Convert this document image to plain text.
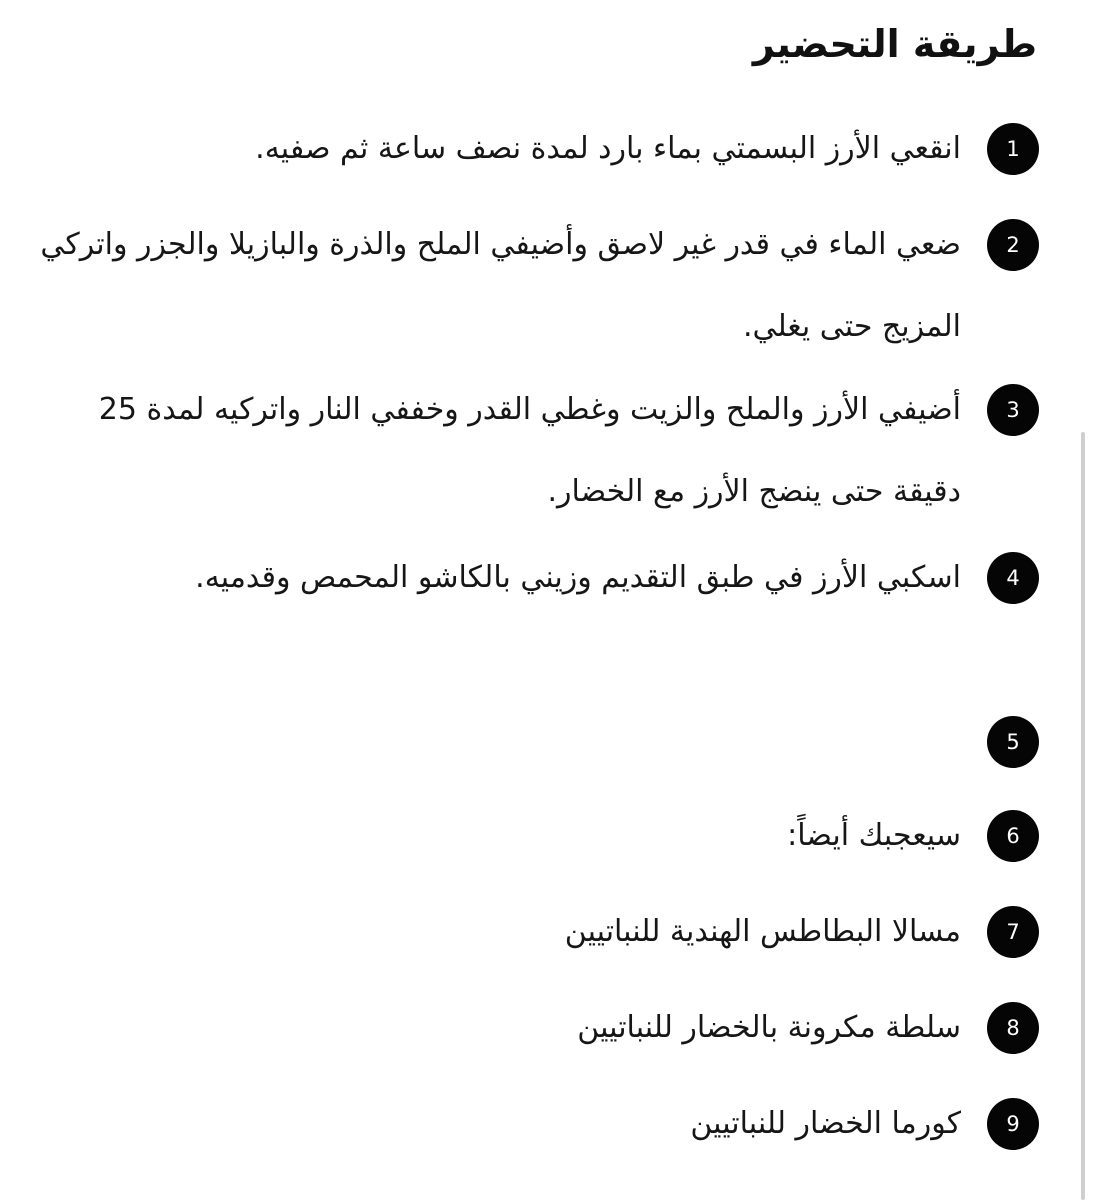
طريقة التحضير
1
انقعي الأرز البسمتي بماء بارد لمدة نصف ساعة ثم صفيه.
2
ضعي الماء في قدر غير لاصق وأضيفي الملح والذرة والبازيلا والجزر واتركي المزيج حتى يغلي.
3
أضيفي الأرز والملح والزيت وغطي القدر وخففي النار واتركيه لمدة 25 دقيقة حتى ينضج الأرز مع الخضار.
4
اسكبي الأرز في طبق التقديم وزيني بالكاشو المحمص وقدميه.
5
6
سيعجبك أيضاً:
7
مسالا البطاطس الهندية للنباتيين
8
سلطة مكرونة بالخضار للنباتيين
9
كورما الخضار للنباتيين
